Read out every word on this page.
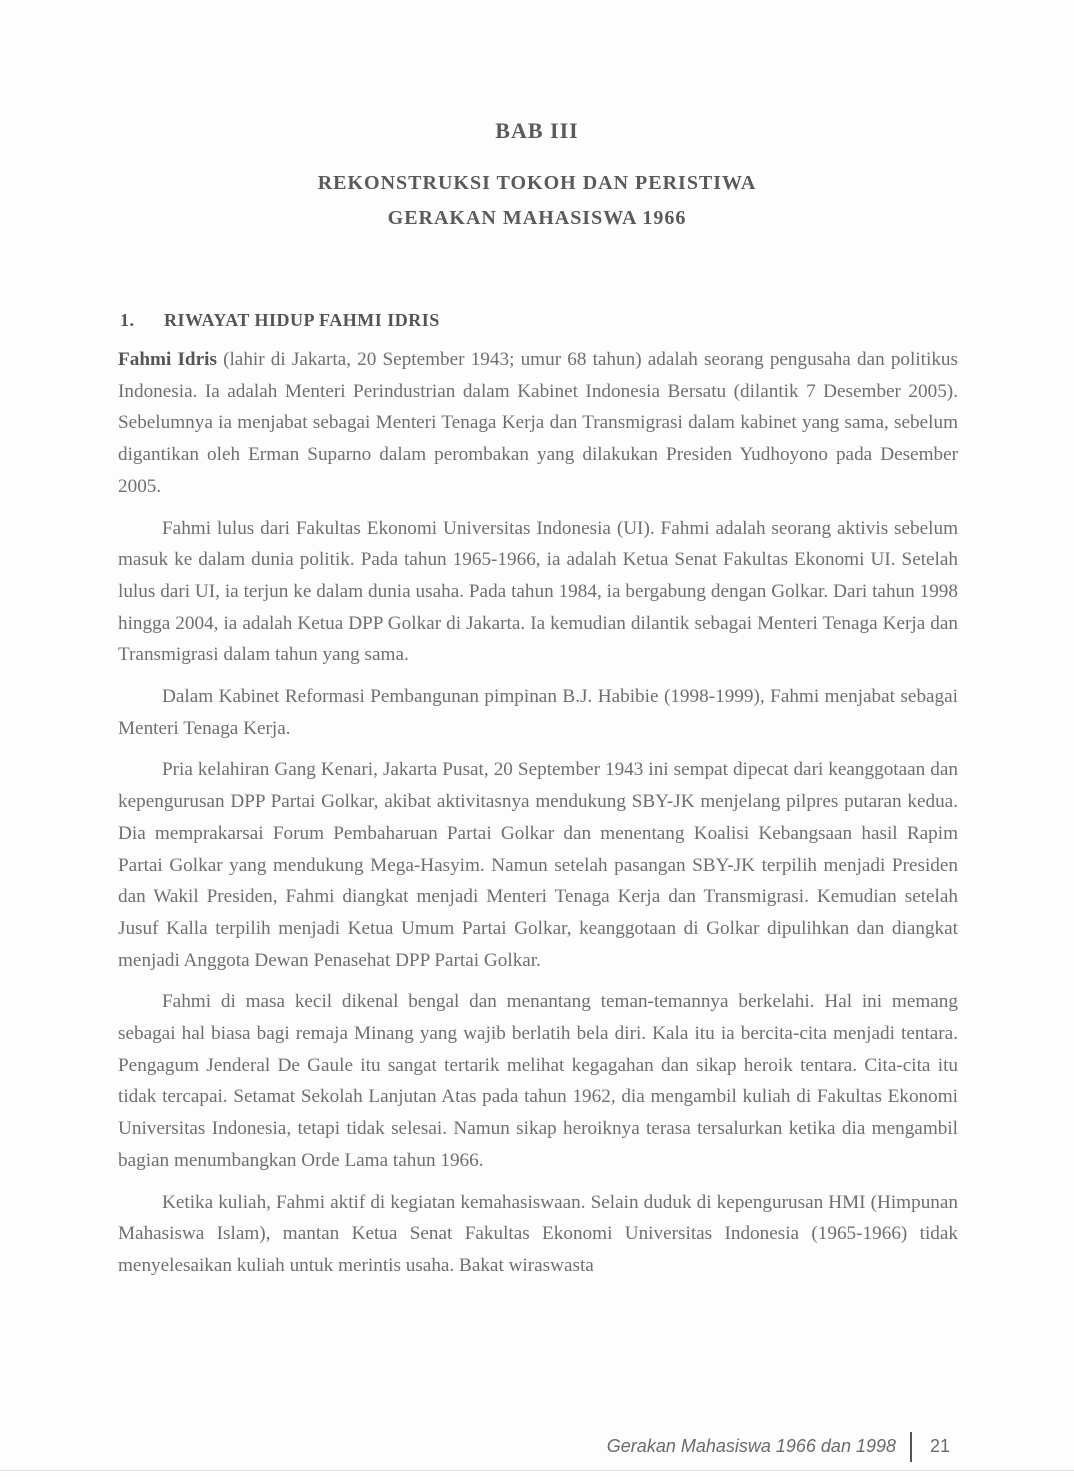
BAB III
REKONSTRUKSI TOKOH DAN PERISTIWA
GERAKAN MAHASISWA 1966
1. RIWAYAT HIDUP FAHMI IDRIS

Fahmi Idris (lahir di Jakarta, 20 September 1943; umur 68 tahun) adalah seorang pengusaha dan politikus Indonesia. Ia adalah Menteri Perindustrian dalam Kabinet Indonesia Bersatu (dilantik 7 Desember 2005). Sebelumnya ia menjabat sebagai Menteri Tenaga Kerja dan Transmigrasi dalam kabinet yang sama, sebelum digantikan oleh Erman Suparno dalam perombakan yang dilakukan Presiden Yudhoyono pada Desember 2005.

Fahmi lulus dari Fakultas Ekonomi Universitas Indonesia (UI). Fahmi adalah seorang aktivis sebelum masuk ke dalam dunia politik. Pada tahun 1965-1966, ia adalah Ketua Senat Fakultas Ekonomi UI. Setelah lulus dari UI, ia terjun ke dalam dunia usaha. Pada tahun 1984, ia bergabung dengan Golkar. Dari tahun 1998 hingga 2004, ia adalah Ketua DPP Golkar di Jakarta. Ia kemudian dilantik sebagai Menteri Tenaga Kerja dan Transmigrasi dalam tahun yang sama.

Dalam Kabinet Reformasi Pembangunan pimpinan B.J. Habibie (1998-1999), Fahmi menjabat sebagai Menteri Tenaga Kerja.

Pria kelahiran Gang Kenari, Jakarta Pusat, 20 September 1943 ini sempat dipecat dari keanggotaan dan kepengurusan DPP Partai Golkar, akibat aktivitasnya mendukung SBY-JK menjelang pilpres putaran kedua. Dia memprakarsai Forum Pembaharuan Partai Golkar dan menentang Koalisi Kebangsaan hasil Rapim Partai Golkar yang mendukung Mega-Hasyim. Namun setelah pasangan SBY-JK terpilih menjadi Presiden dan Wakil Presiden, Fahmi diangkat menjadi Menteri Tenaga Kerja dan Transmigrasi. Kemudian setelah Jusuf Kalla terpilih menjadi Ketua Umum Partai Golkar, keanggotaan di Golkar dipulihkan dan diangkat menjadi Anggota Dewan Penasehat DPP Partai Golkar.

Fahmi di masa kecil dikenal bengal dan menantang teman-temannya berkelahi. Hal ini memang sebagai hal biasa bagi remaja Minang yang wajib berlatih bela diri. Kala itu ia bercita-cita menjadi tentara. Pengagum Jenderal De Gaule itu sangat tertarik melihat kegagahan dan sikap heroik tentara. Cita-cita itu tidak tercapai. Setamat Sekolah Lanjutan Atas pada tahun 1962, dia mengambil kuliah di Fakultas Ekonomi Universitas Indonesia, tetapi tidak selesai. Namun sikap heroiknya terasa tersalurkan ketika dia mengambil bagian menumbangkan Orde Lama tahun 1966.

Ketika kuliah, Fahmi aktif di kegiatan kemahasiswaan. Selain duduk di kepengurusan HMI (Himpunan Mahasiswa Islam), mantan Ketua Senat Fakultas Ekonomi Universitas Indonesia (1965-1966) tidak menyelesaikan kuliah untuk merintis usaha. Bakat wiraswasta

Gerakan Mahasiswa 1966 dan 1998 21
